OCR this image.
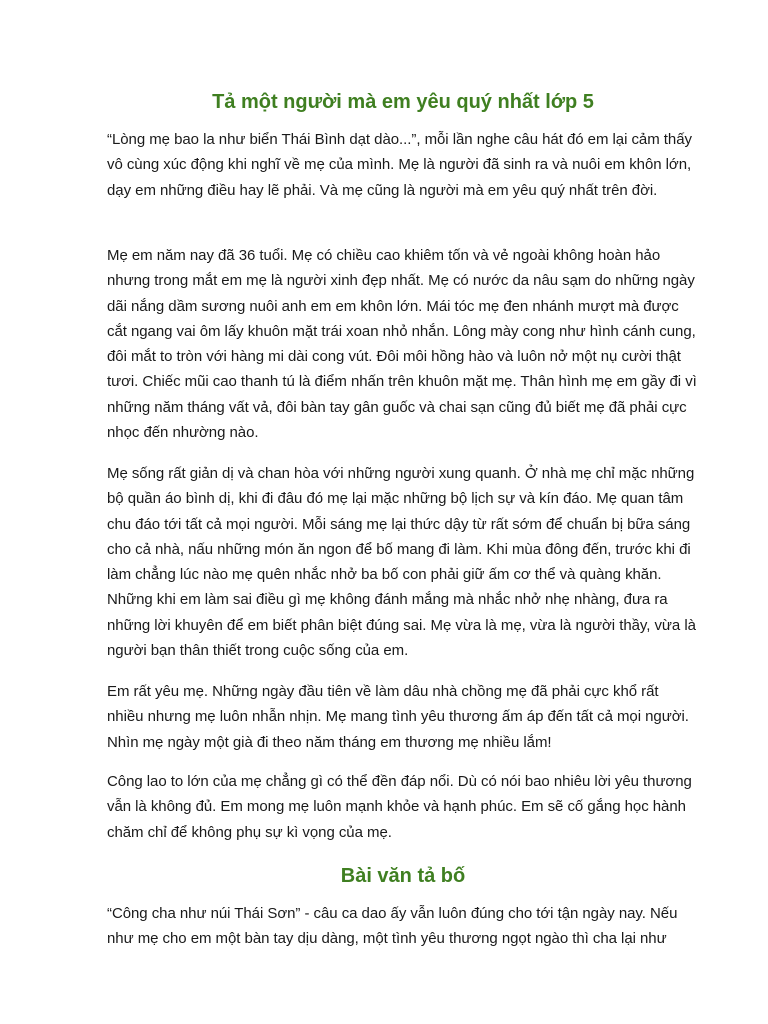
Tả một người mà em yêu quý nhất lớp 5

“Lòng mẹ bao la như biển Thái Bình dạt dào...”, mỗi lần nghe câu hát đó em lại cảm thấy vô cùng xúc động khi nghĩ về mẹ của mình. Mẹ là người đã sinh ra và nuôi em khôn lớn, dạy em những điều hay lẽ phải. Và mẹ cũng là người mà em yêu quý nhất trên đời.

Mẹ em năm nay đã 36 tuổi. Mẹ có chiều cao khiêm tốn và vẻ ngoài không hoàn hảo nhưng trong mắt em mẹ là người xinh đẹp nhất. Mẹ có nước da nâu sạm do những ngày dãi nắng dầm sương nuôi anh em em khôn lớn. Mái tóc mẹ đen nhánh mượt mà được cắt ngang vai ôm lấy khuôn mặt trái xoan nhỏ nhắn. Lông mày cong như hình cánh cung, đôi mắt to tròn với hàng mi dài cong vút. Đôi môi hồng hào và luôn nở một nụ cười thật tươi. Chiếc mũi cao thanh tú là điểm nhấn trên khuôn mặt mẹ. Thân hình mẹ em gầy đi vì những năm tháng vất vả, đôi bàn tay gân guốc và chai sạn cũng đủ biết mẹ đã phải cực nhọc đến nhường nào.

Mẹ sống rất giản dị và chan hòa với những người xung quanh. Ở nhà mẹ chỉ mặc những bộ quần áo bình dị, khi đi đâu đó mẹ lại mặc những bộ lịch sự và kín đáo. Mẹ quan tâm chu đáo tới tất cả mọi người. Mỗi sáng mẹ lại thức dậy từ rất sớm để chuẩn bị bữa sáng cho cả nhà, nấu những món ăn ngon để bố mang đi làm. Khi mùa đông đến, trước khi đi làm chẳng lúc nào mẹ quên nhắc nhở ba bố con phải giữ ấm cơ thể và quàng khăn. Những khi em làm sai điều gì mẹ không đánh mắng mà nhắc nhở nhẹ nhàng, đưa ra những lời khuyên để em biết phân biệt đúng sai. Mẹ vừa là mẹ, vừa là người thầy, vừa là người bạn thân thiết trong cuộc sống của em.

Em rất yêu mẹ. Những ngày đầu tiên về làm dâu nhà chồng mẹ đã phải cực khổ rất nhiều nhưng mẹ luôn nhẫn nhịn. Mẹ mang tình yêu thương ấm áp đến tất cả mọi người. Nhìn mẹ ngày một già đi theo năm tháng em thương mẹ nhiều lắm!

Công lao to lớn của mẹ chẳng gì có thể đền đáp nổi. Dù có nói bao nhiêu lời yêu thương vẫn là không đủ. Em mong mẹ luôn mạnh khỏe và hạnh phúc. Em sẽ cố gắng học hành chăm chỉ để không phụ sự kì vọng của mẹ.

Bài văn tả bố

“Công cha như núi Thái Sơn” - câu ca dao ấy vẫn luôn đúng cho tới tận ngày nay. Nếu như mẹ cho em một bàn tay dịu dàng, một tình yêu thương ngọt ngào thì cha lại như
